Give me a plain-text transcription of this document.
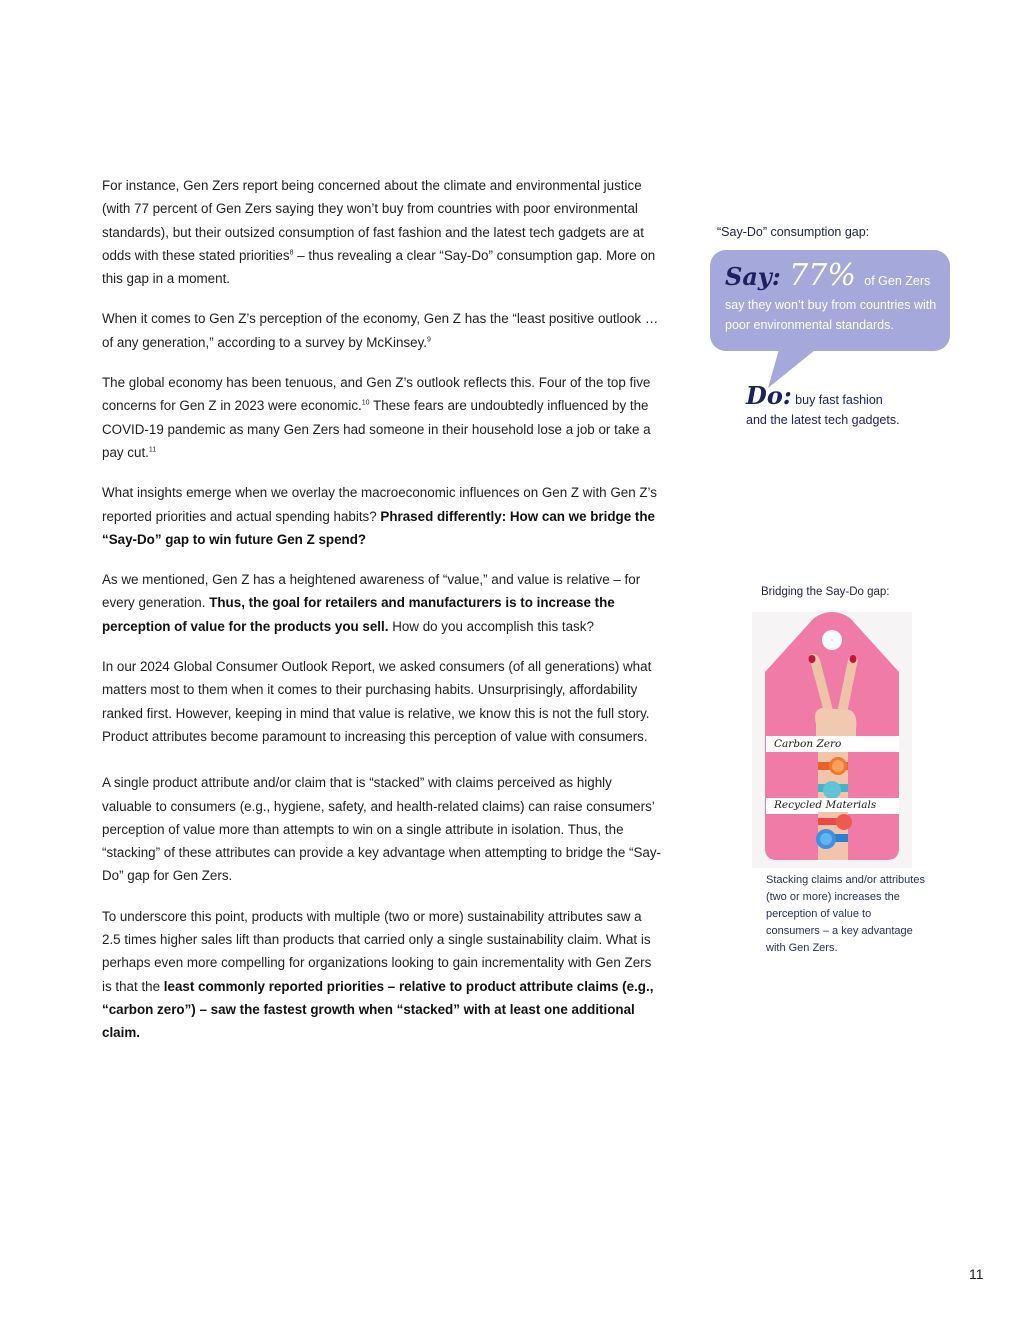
For instance, Gen Zers report being concerned about the climate and environmental justice (with 77 percent of Gen Zers saying they won’t buy from countries with poor environmental standards), but their outsized consumption of fast fashion and the latest tech gadgets are at odds with these stated priorities$^8$ – thus revealing a clear “Say-Do” consumption gap. More on this gap in a moment.

When it comes to Gen Z’s perception of the economy, Gen Z has the “least positive outlook … of any generation,” according to a survey by McKinsey.$^9$

The global economy has been tenuous, and Gen Z’s outlook reflects this. Four of the top five concerns for Gen Z in 2023 were economic.$^{10}$ These fears are undoubtedly influenced by the COVID-19 pandemic as many Gen Zers had someone in their household lose a job or take a pay cut.$^{11}$

What insights emerge when we overlay the macroeconomic influences on Gen Z with Gen Z’s reported priorities and actual spending habits? Phrased differently: How can we bridge the “Say-Do” gap to win future Gen Z spend?

As we mentioned, Gen Z has a heightened awareness of “value,” and value is relative – for every generation. Thus, the goal for retailers and manufacturers is to increase the perception of value for the products you sell. How do you accomplish this task?

In our 2024 Global Consumer Outlook Report, we asked consumers (of all generations) what matters most to them when it comes to their purchasing habits. Unsurprisingly, affordability ranked first. However, keeping in mind that value is relative, we know this is not the full story. Product attributes become paramount to increasing this perception of value with consumers.

A single product attribute and/or claim that is “stacked” with claims perceived as highly valuable to consumers (e.g., hygiene, safety, and health-related claims) can raise consumers’ perception of value more than attempts to win on a single attribute in isolation. Thus, the “stacking” of these attributes can provide a key advantage when attempting to bridge the “Say-Do” gap for Gen Zers.

To underscore this point, products with multiple (two or more) sustainability attributes saw a 2.5 times higher sales lift than products that carried only a single sustainability claim. What is perhaps even more compelling for organizations looking to gain incrementality with Gen Zers is that the least commonly reported priorities – relative to product attribute claims (e.g., “carbon zero”) – saw the fastest growth when “stacked” with at least one additional claim.

“Say-Do” consumption gap:
Say: 77% of Gen Zers
say they won’t buy from countries with poor environmental standards.
Do: buy fast fashion
and the latest tech gadgets.
Bridging the Say-Do gap:
Carbon Zero
Recycled Materials
Stacking claims and/or attributes (two or more) increases the perception of value to consumers – a key advantage with Gen Zers.
11
